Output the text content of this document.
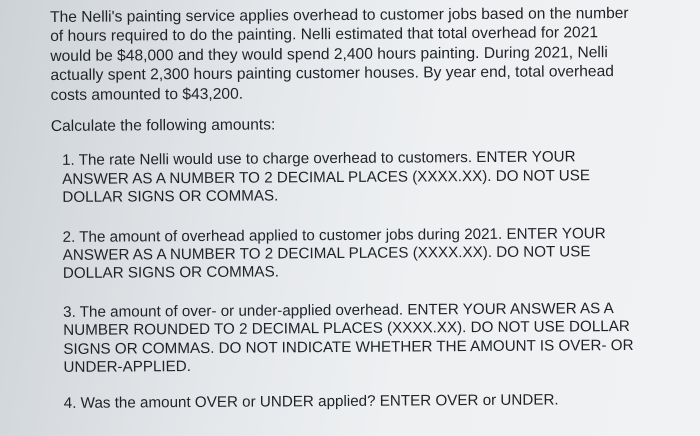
The Nelli's painting service applies overhead to customer jobs based on the number
of hours required to do the painting. Nelli estimated that total overhead for 2021
would be $48,000 and they would spend 2,400 hours painting. During 2021, Nelli
actually spent 2,300 hours painting customer houses. By year end, total overhead
costs amounted to $43,200.

Calculate the following amounts:

1. The rate Nelli would use to charge overhead to customers. ENTER YOUR
ANSWER AS A NUMBER TO 2 DECIMAL PLACES (XXXX.XX). DO NOT USE
DOLLAR SIGNS OR COMMAS.
2. The amount of overhead applied to customer jobs during 2021. ENTER YOUR
ANSWER AS A NUMBER TO 2 DECIMAL PLACES (XXXX.XX). DO NOT USE
DOLLAR SIGNS OR COMMAS.
3. The amount of over- or under-applied overhead. ENTER YOUR ANSWER AS A
NUMBER ROUNDED TO 2 DECIMAL PLACES (XXXX.XX). DO NOT USE DOLLAR
SIGNS OR COMMAS. DO NOT INDICATE WHETHER THE AMOUNT IS OVER- OR
UNDER-APPLIED.
4. Was the amount OVER or UNDER applied? ENTER OVER or UNDER.
